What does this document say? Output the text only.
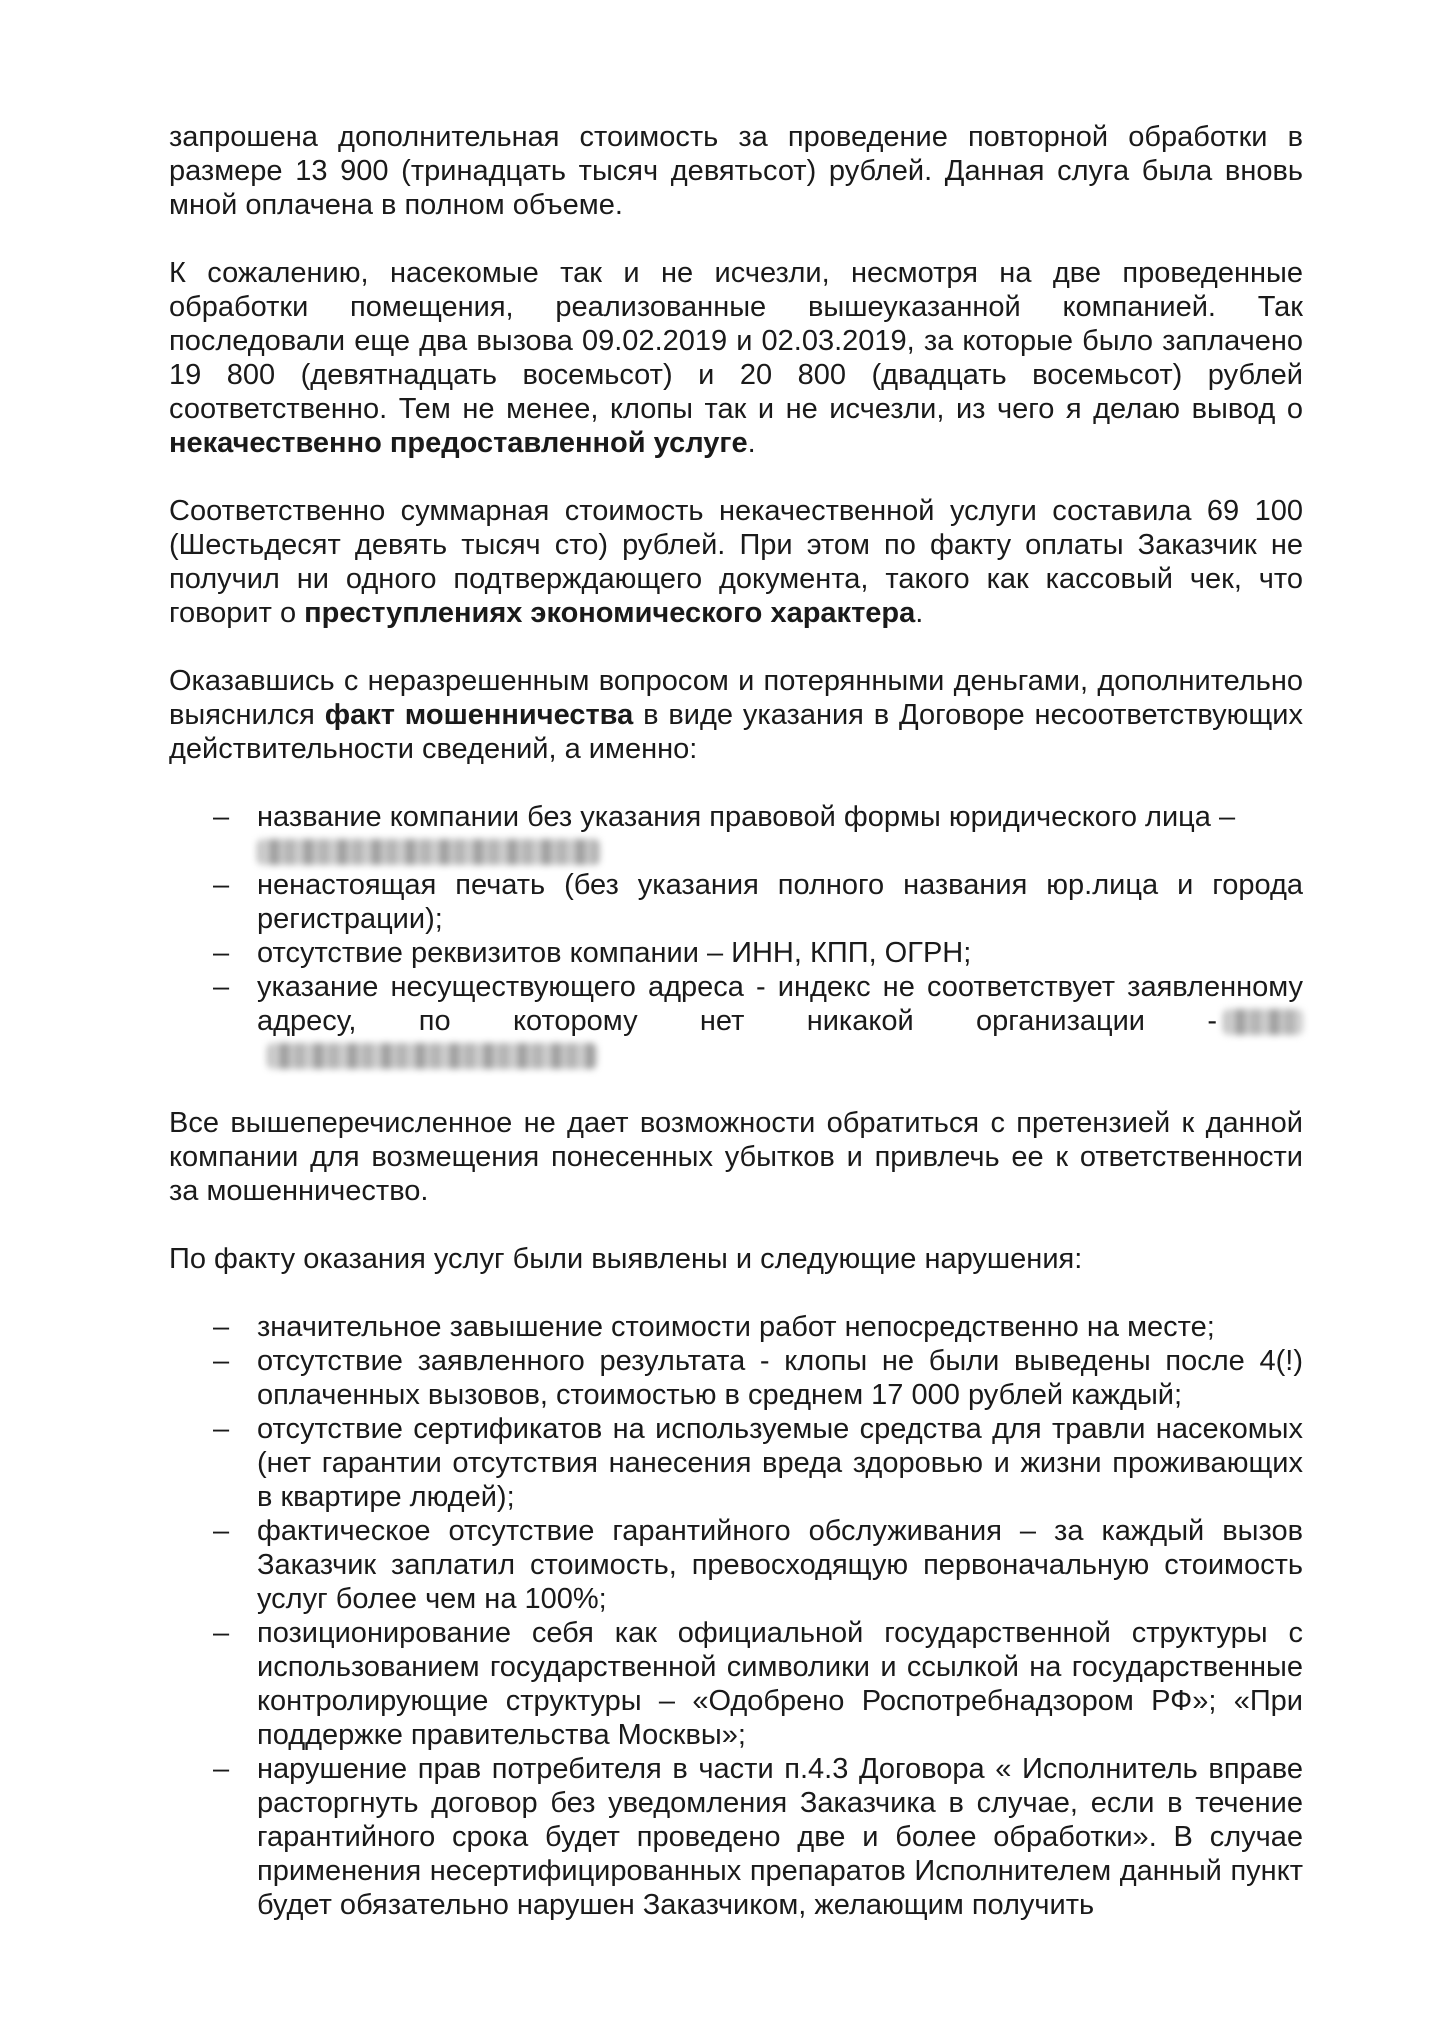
запрошена дополнительная стоимость за проведение повторной обработки в размере 13 900 (тринадцать тысяч девятьсот) рублей. Данная слуга была вновь мной оплачена в полном объеме.

К сожалению, насекомые так и не исчезли, несмотря на две проведенные обработки помещения, реализованные вышеуказанной компанией. Так последовали еще два вызова 09.02.2019 и 02.03.2019, за которые было заплачено 19 800 (девятнадцать восемьсот) и 20 800 (двадцать восемьсот) рублей соответственно. Тем не менее, клопы так и не исчезли, из чего я делаю вывод о некачественно предоставленной услуге.

Соответственно суммарная стоимость некачественной услуги составила 69 100 (Шестьдесят девять тысяч сто) рублей. При этом по факту оплаты Заказчик не получил ни одного подтверждающего документа, такого как кассовый чек, что говорит о преступлениях экономического характера.

Оказавшись с неразрешенным вопросом и потерянными деньгами, дополнительно выяснился факт мошенничества в виде указания в Договоре несоответствующих действительности сведений, а именно:

– название компании без указания правовой формы юридического лица –

– ненастоящая печать (без указания полного названия юр.лица и города регистрации);
– отсутствие реквизитов компании – ИНН, КПП, ОГРН;
– указание несуществующего адреса - индекс не соответствует заявленному адресу, по которому нет никакой организации -

Все вышеперечисленное не дает возможности обратиться с претензией к данной компании для возмещения понесенных убытков и привлечь ее к ответственности за мошенничество.

По факту оказания услуг были выявлены и следующие нарушения:

– значительное завышение стоимости работ непосредственно на месте;
– отсутствие заявленного результата - клопы не были выведены после 4(!) оплаченных вызовов, стоимостью в среднем 17 000 рублей каждый;
– отсутствие сертификатов на используемые средства для травли насекомых (нет гарантии отсутствия нанесения вреда здоровью и жизни проживающих в квартире людей);
– фактическое отсутствие гарантийного обслуживания – за каждый вызов Заказчик заплатил стоимость, превосходящую первоначальную стоимость услуг более чем на 100%;
– позиционирование себя как официальной государственной структуры с использованием государственной символики и ссылкой на государственные контролирующие структуры – «Одобрено Роспотребнадзором РФ»; «При поддержке правительства Москвы»;
– нарушение прав потребителя в части п.4.3 Договора « Исполнитель вправе расторгнуть договор без уведомления Заказчика в случае, если в течение гарантийного срока будет проведено две и более обработки». В случае применения несертифицированных препаратов Исполнителем данный пункт будет обязательно нарушен Заказчиком, желающим получить
